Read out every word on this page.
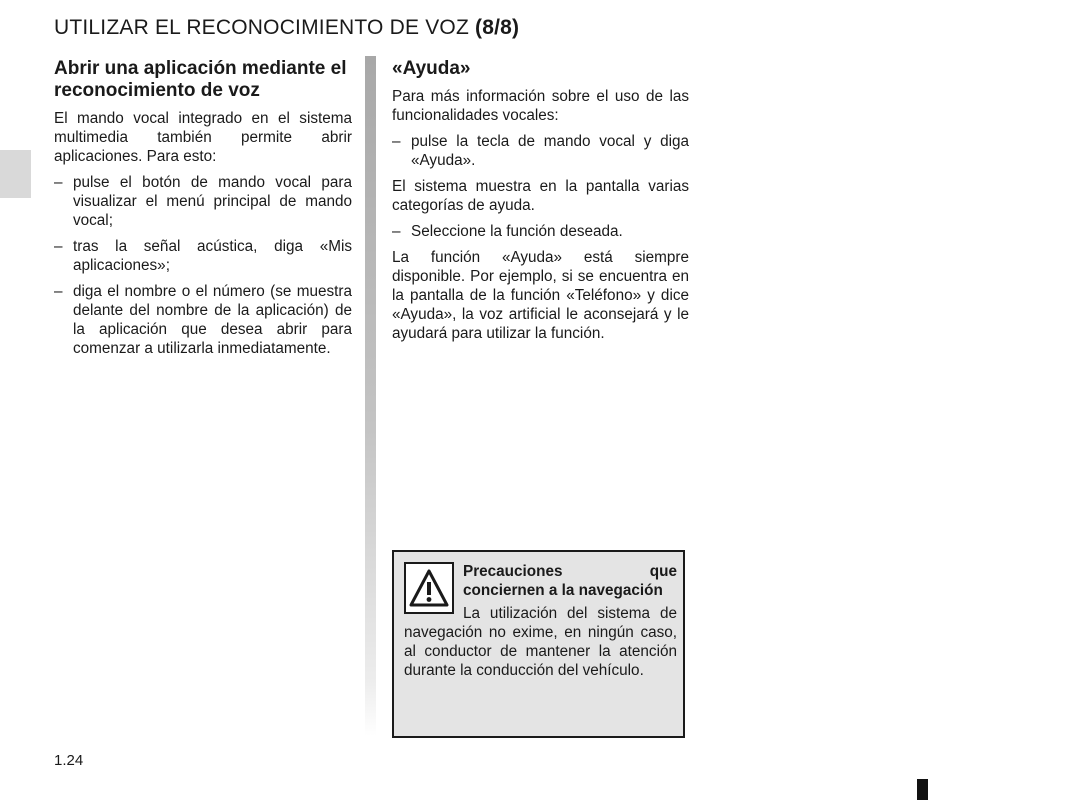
UTILIZAR EL RECONOCIMIENTO DE VOZ (8/8)
Abrir una aplicación mediante el reconocimiento de voz

El mando vocal integrado en el sistema multimedia también permite abrir aplicaciones. Para esto:

– pulse el botón de mando vocal para visualizar el menú principal de mando vocal;
– tras la señal acústica, diga «Mis aplicaciones»;
– diga el nombre o el número (se muestra delante del nombre de la aplicación) de la aplicación que desea abrir para comenzar a utilizarla inmediatamente.
«Ayuda»

Para más información sobre el uso de las funcionalidades vocales:

– pulse la tecla de mando vocal y diga «Ayuda».

El sistema muestra en la pantalla varias categorías de ayuda.

– Seleccione la función deseada.

La función «Ayuda» está siempre disponible. Por ejemplo, si se encuentra en la pantalla de la función «Teléfono» y dice «Ayuda», la voz artificial le aconsejará y le ayudará para utilizar la función.

Precauciones que conciernen a la navegación

La utilización del sistema de navegación no exime, en ningún caso, al conductor de mantener la atención durante la conducción del vehículo.

1.24
